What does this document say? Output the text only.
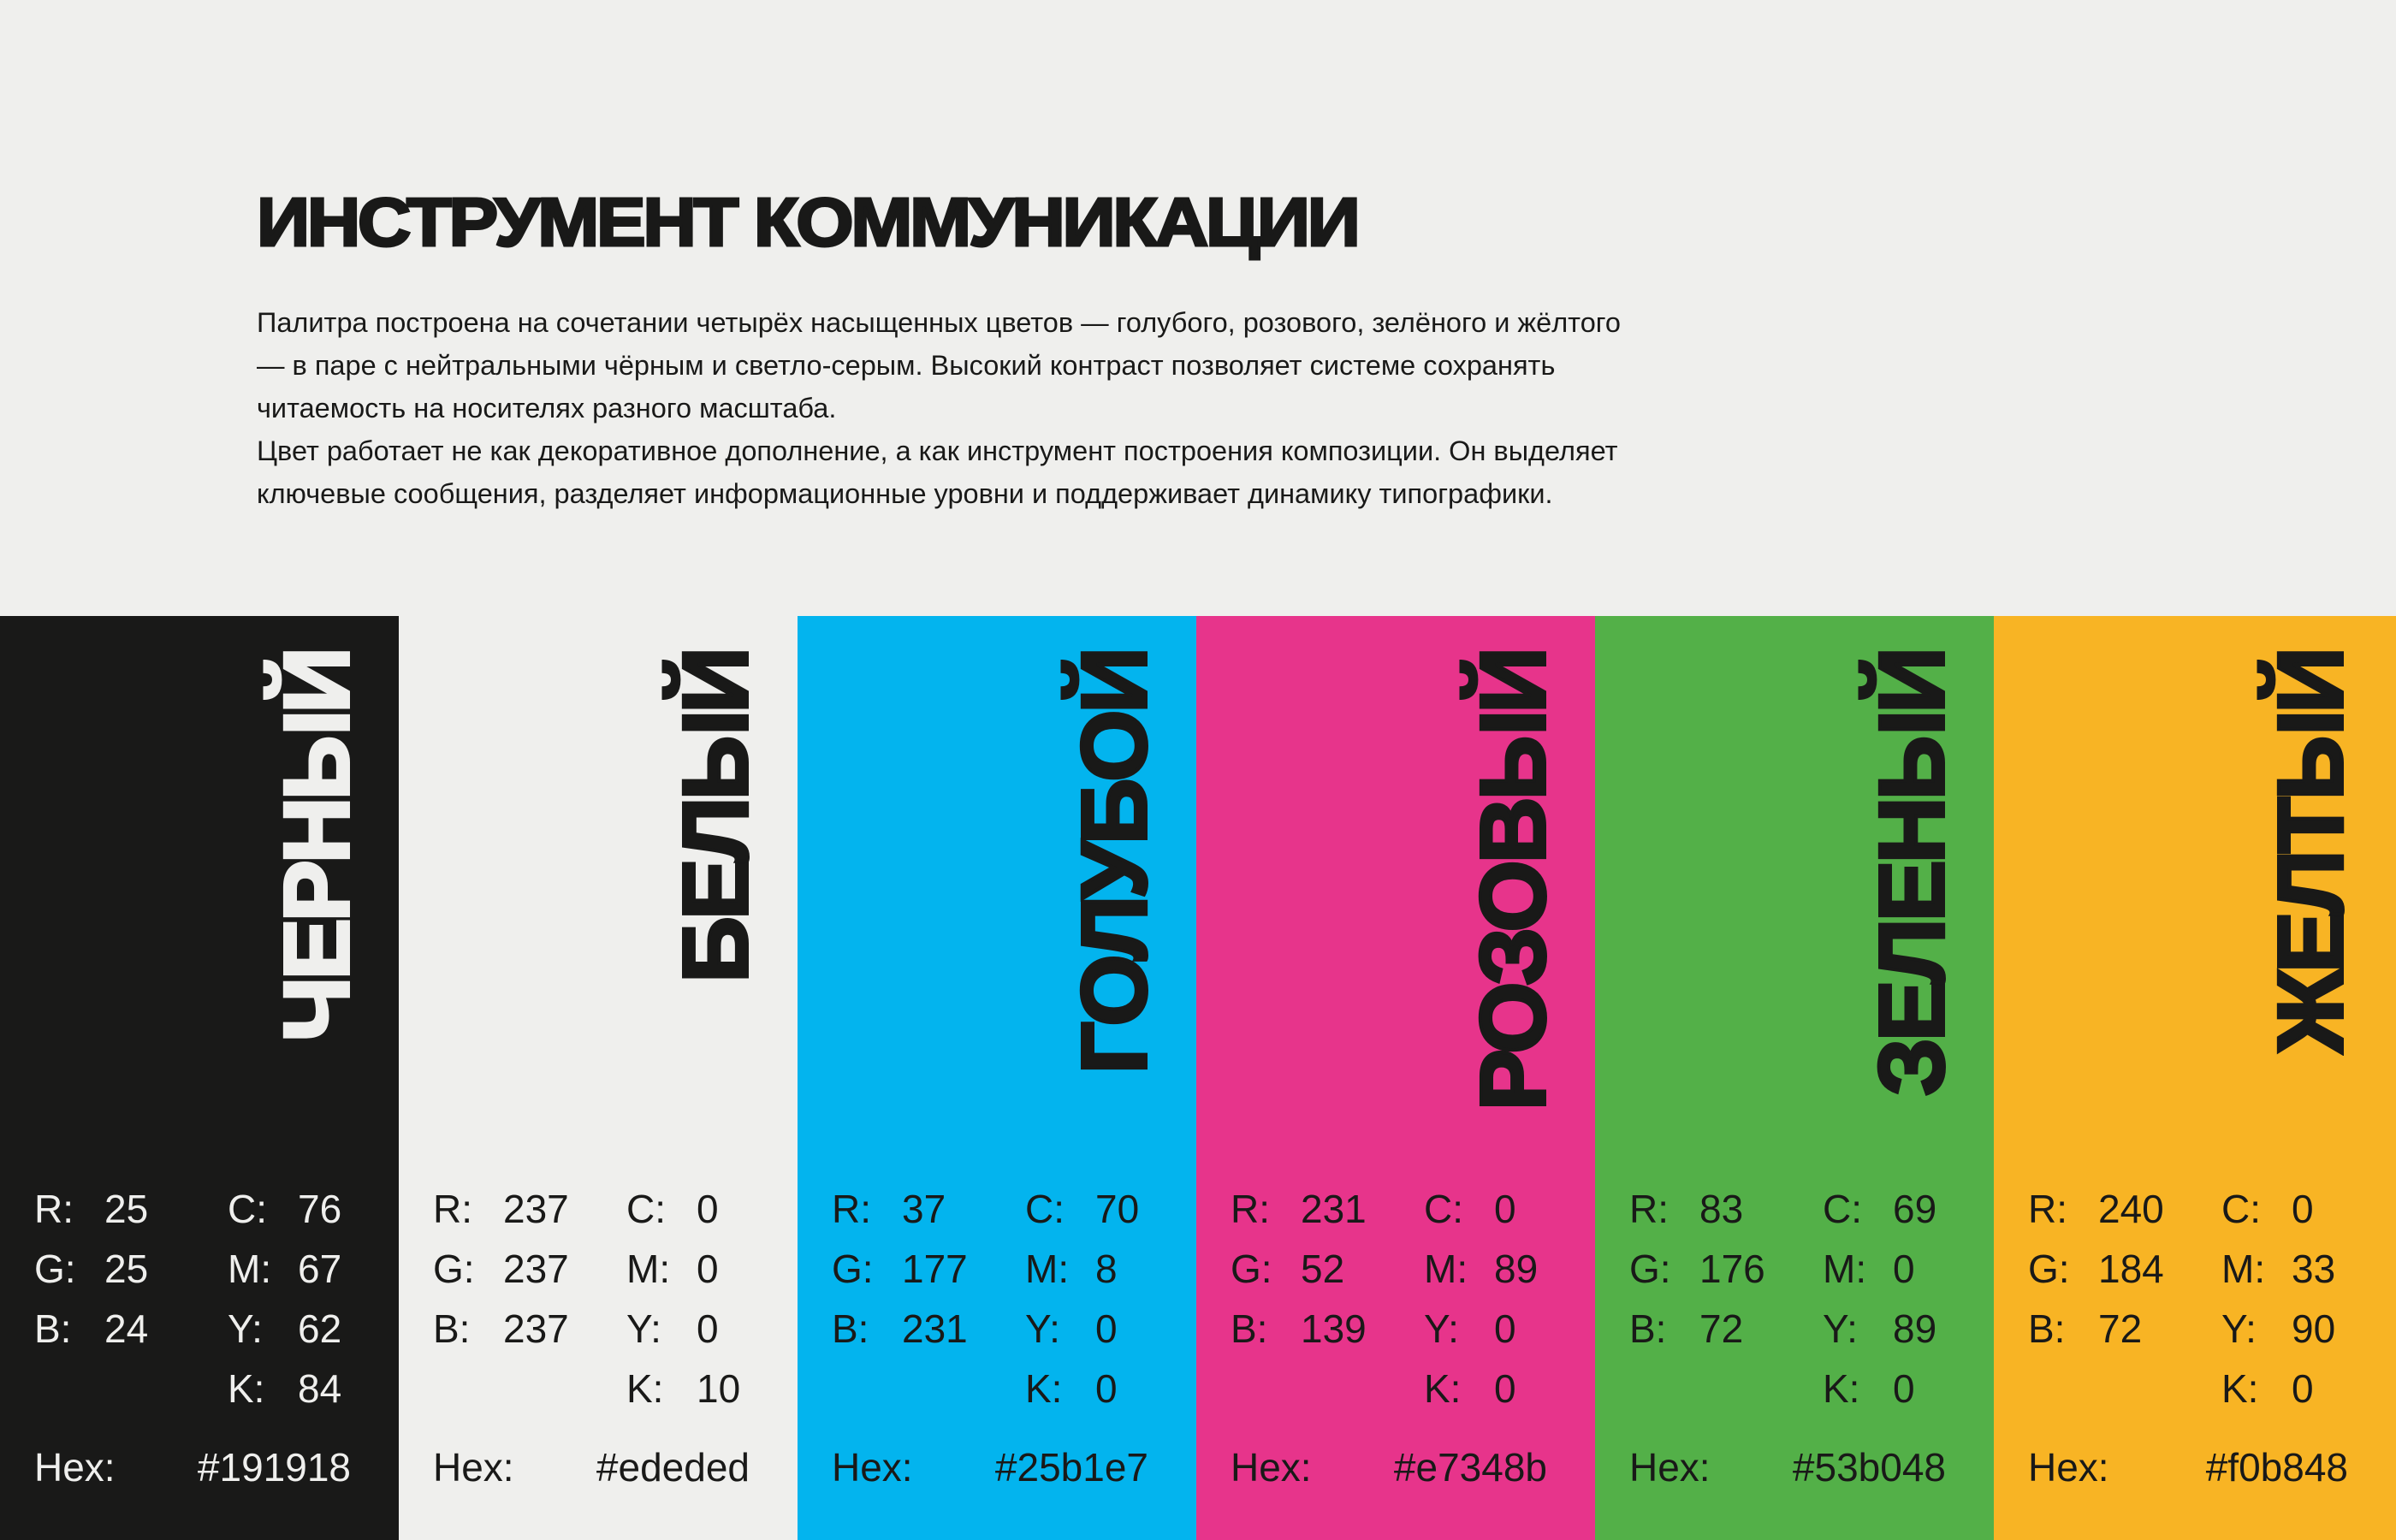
ИНСТРУМЕНТ КОММУНИКАЦИИ

Палитра построена на сочетании четырёх насыщенных цветов — голубого, розового, зелёного и жёлтого
— в паре с нейтральными чёрным и светло-серым. Высокий контраст позволяет системе сохранять
читаемость на носителях разного масштаба.

Цвет работает не как декоративное дополнение, а как инструмент построения композиции. Он выделяет
ключевые сообщения, разделяет информационные уровни и поддерживает динамику типографики.

ЧЕРНЫЙ
R: 25
G: 25
B: 24
C: 76
M: 67
Y: 62
K: 84
Hex: #191918
БЕЛЫЙ
R: 237
G: 237
B: 237
C: 0
M: 0
Y: 0
K: 10
Hex: #ededed
ГОЛУБОЙ
R: 37
G: 177
B: 231
C: 70
M: 8
Y: 0
K: 0
Hex: #25b1e7
РОЗОВЫЙ
R: 231
G: 52
B: 139
C: 0
M: 89
Y: 0
K: 0
Hex: #e7348b
ЗЕЛЕНЫЙ
R: 83
G: 176
B: 72
C: 69
M: 0
Y: 89
K: 0
Hex: #53b048
ЖЕЛТЫЙ
R: 240
G: 184
B: 72
C: 0
M: 33
Y: 90
K: 0
Hex: #f0b848
